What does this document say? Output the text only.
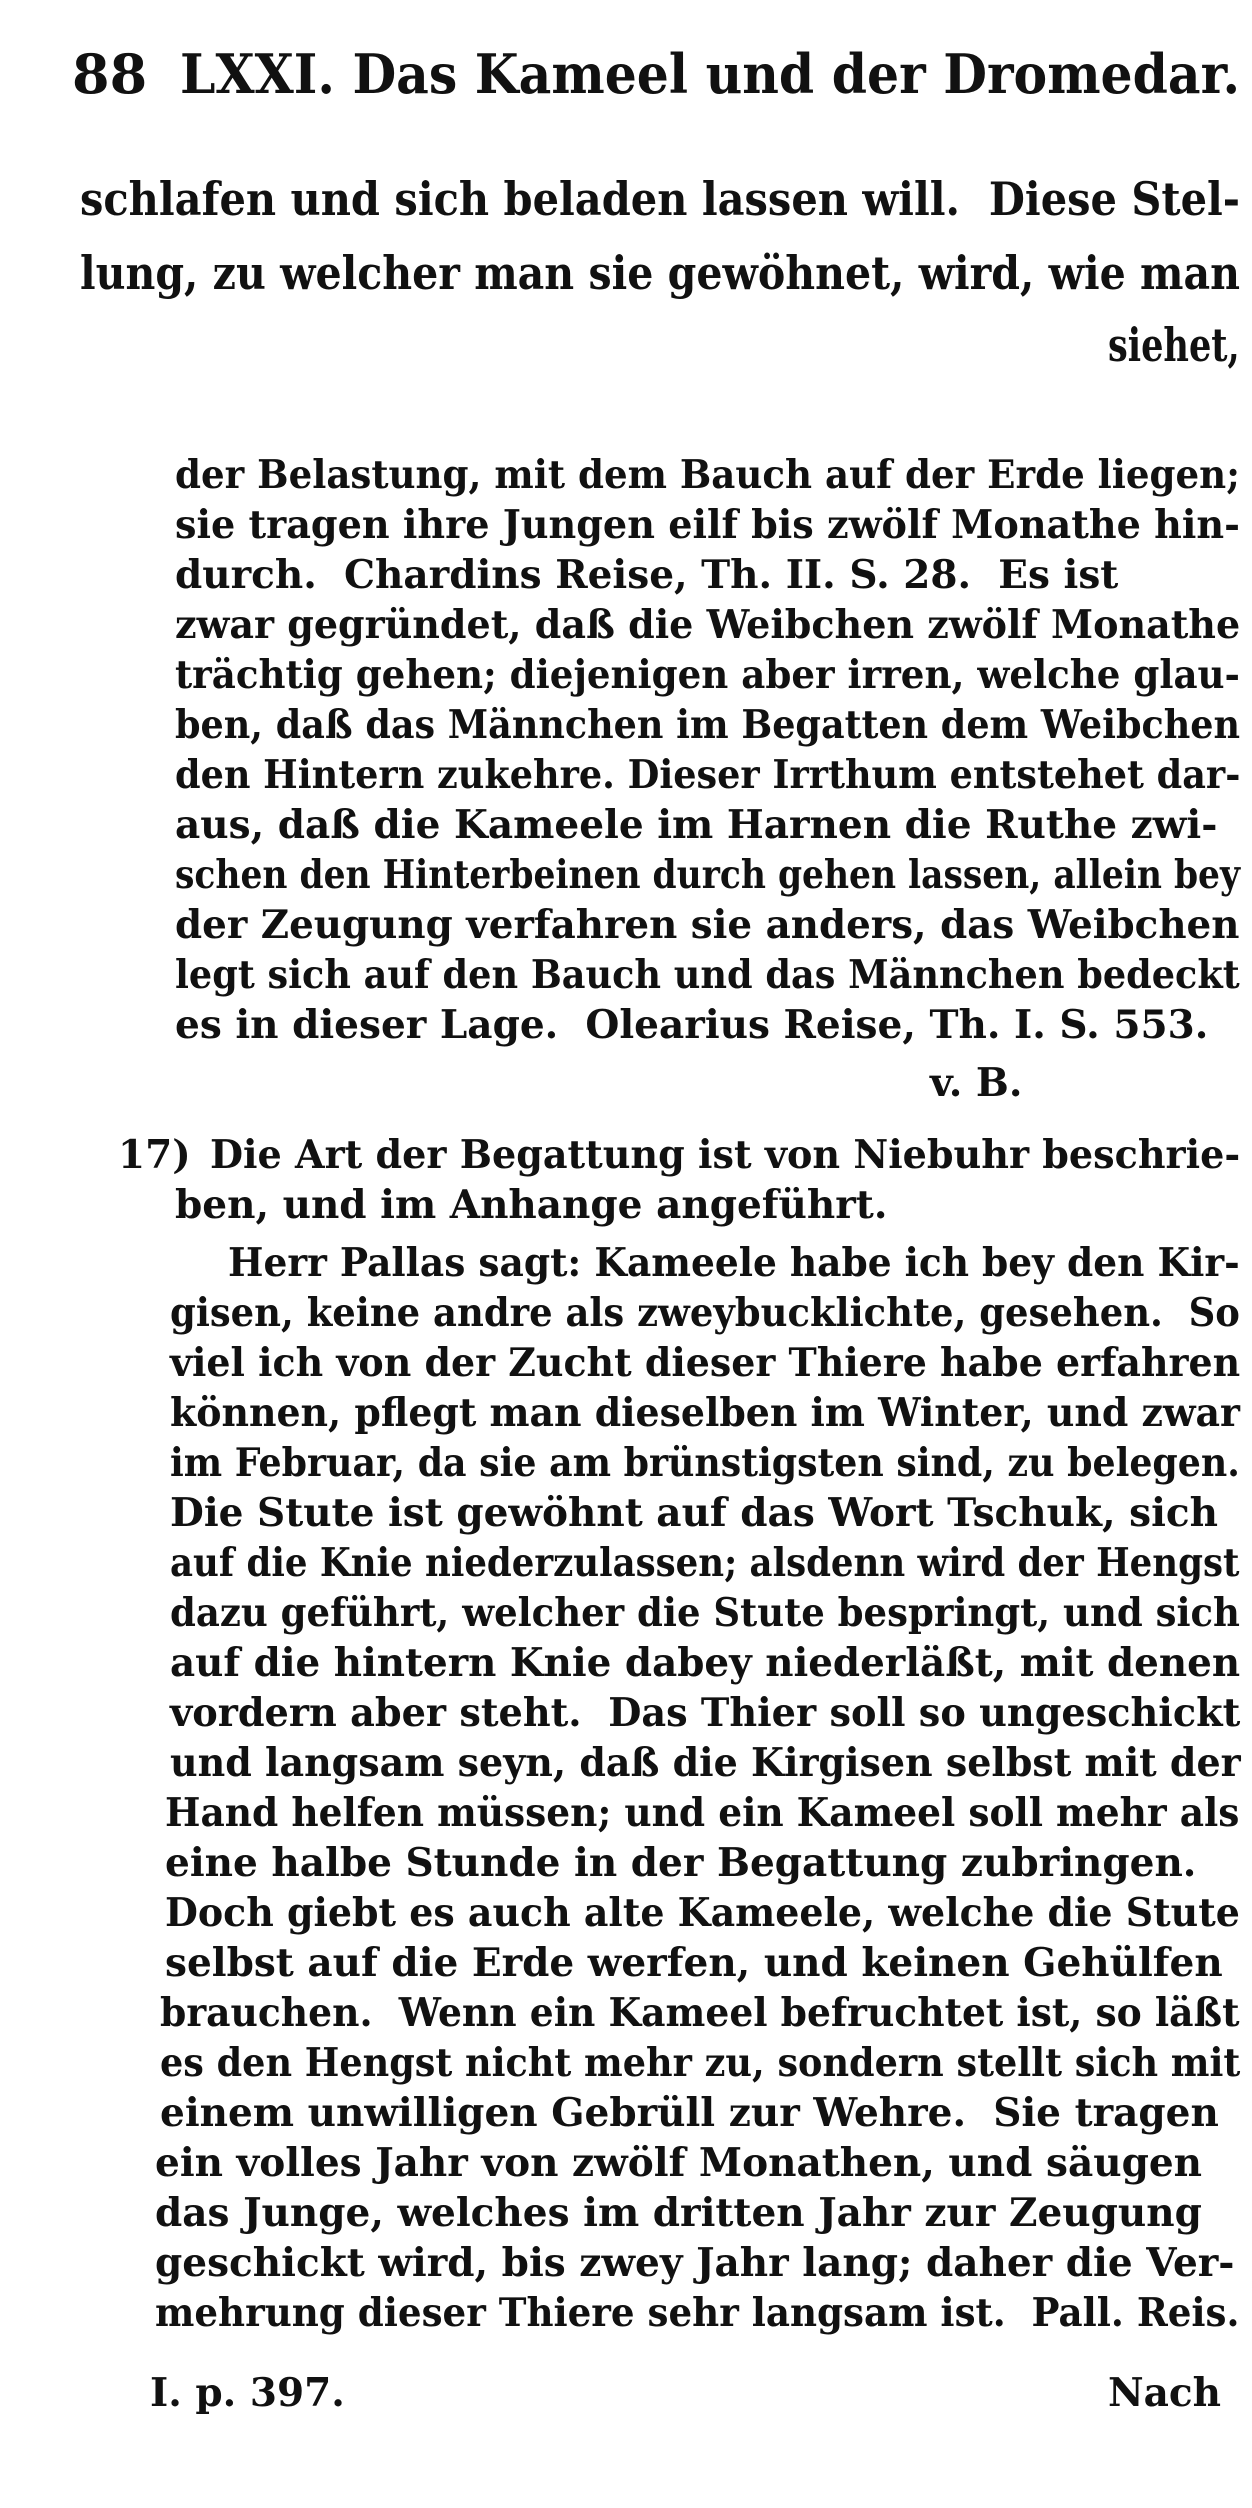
88 LXXI. Das Kameel und der Dromedar.
schlafen und sich beladen lassen will.  Diese Stel-
lung, zu welcher man sie gewöhnet, wird, wie man
siehet,
der Belastung, mit dem Bauch auf der Erde liegen;
sie tragen ihre Jungen eilf bis zwölf Monathe hin-
durch.  Chardins Reise, Th. II. S. 28.  Es ist
zwar gegründet, daß die Weibchen zwölf Monathe
trächtig gehen; diejenigen aber irren, welche glau-
ben, daß das Männchen im Begatten dem Weibchen
den Hintern zukehre. Dieser Irrthum entstehet dar-
aus, daß die Kameele im Harnen die Ruthe zwi-
schen den Hinterbeinen durch gehen lassen, allein bey
der Zeugung verfahren sie anders, das Weibchen
legt sich auf den Bauch und das Männchen bedeckt
es in dieser Lage.  Olearius Reise, Th. I. S. 553.
v. B.
17) Die Art der Begattung ist von Niebuhr beschrie-
ben, und im Anhange angeführt.
Herr Pallas sagt: Kameele habe ich bey den Kir-
gisen, keine andre als zweybucklichte, gesehen.  So
viel ich von der Zucht dieser Thiere habe erfahren
können, pflegt man dieselben im Winter, und zwar
im Februar, da sie am brünstigsten sind, zu belegen.
Die Stute ist gewöhnt auf das Wort Tschuk, sich
auf die Knie niederzulassen; alsdenn wird der Hengst
dazu geführt, welcher die Stute bespringt, und sich
auf die hintern Knie dabey niederläßt, mit denen
vordern aber steht.  Das Thier soll so ungeschickt
und langsam seyn, daß die Kirgisen selbst mit der
Hand helfen müssen; und ein Kameel soll mehr als
eine halbe Stunde in der Begattung zubringen.
Doch giebt es auch alte Kameele, welche die Stute
selbst auf die Erde werfen, und keinen Gehülfen
brauchen.  Wenn ein Kameel befruchtet ist, so läßt
es den Hengst nicht mehr zu, sondern stellt sich mit
einem unwilligen Gebrüll zur Wehre.  Sie tragen
ein volles Jahr von zwölf Monathen, und säugen
das Junge, welches im dritten Jahr zur Zeugung
geschickt wird, bis zwey Jahr lang; daher die Ver-
mehrung dieser Thiere sehr langsam ist.  Pall. Reis.
I. p. 397.	Nach
